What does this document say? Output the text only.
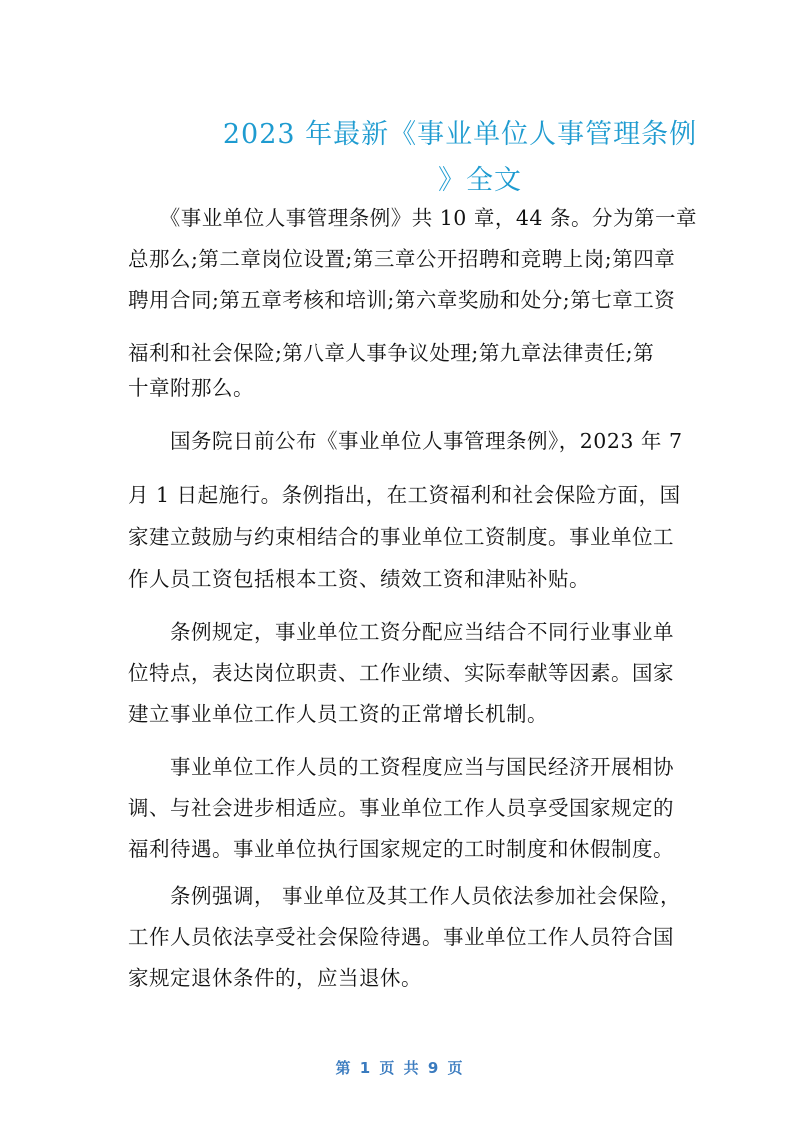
2023 年最新《事业单位人事管理条例
》全文
　　《事业单位人事管理条例》共 10 章，44 条。分为第一章
总那么;第二章岗位设置;第三章公开招聘和竞聘上岗;第四章
聘用合同;第五章考核和培训;第六章奖励和处分;第七章工资
福利和社会保险;第八章人事争议处理;第九章法律责任;第
十章附那么。
　　国务院日前公布《事业单位人事管理条例》，2023 年 7
月 1 日起施行。条例指出，在工资福利和社会保险方面，国
家建立鼓励与约束相结合的事业单位工资制度。事业单位工
作人员工资包括根本工资、绩效工资和津贴补贴。
　　条例规定，事业单位工资分配应当结合不同行业事业单
位特点，表达岗位职责、工作业绩、实际奉献等因素。国家
建立事业单位工作人员工资的正常增长机制。
　　事业单位工作人员的工资程度应当与国民经济开展相协
调、与社会进步相适应。事业单位工作人员享受国家规定的
福利待遇。事业单位执行国家规定的工时制度和休假制度。
　　条例强调， 事业单位及其工作人员依法参加社会保险，
工作人员依法享受社会保险待遇。事业单位工作人员符合国
家规定退休条件的，应当退休。
第 1 页 共 9 页
